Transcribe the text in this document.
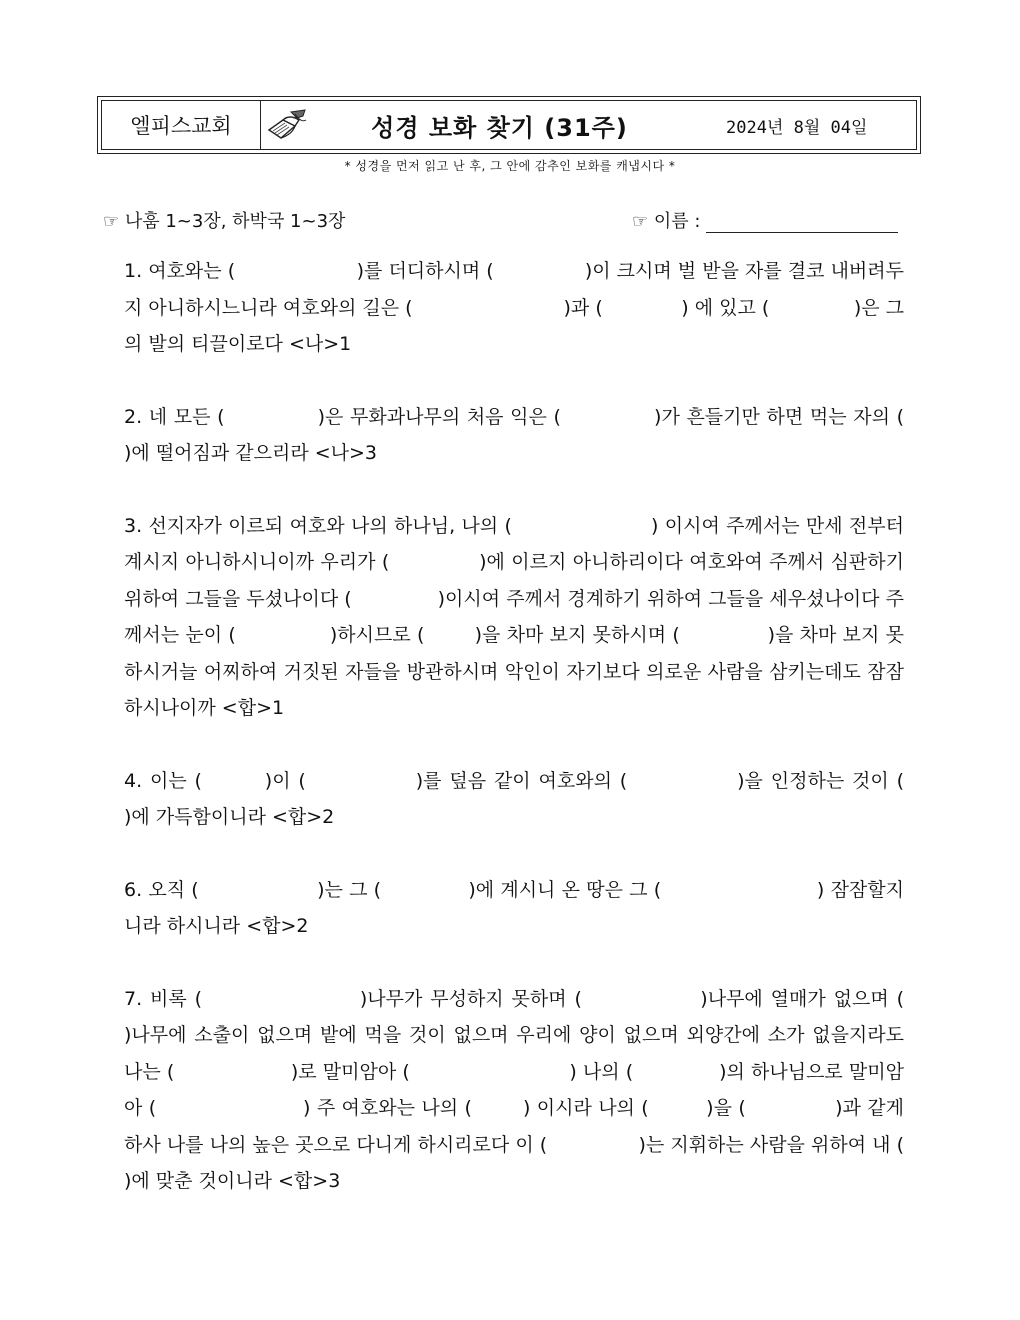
엘피스교회	성경 보화 찾기 (31주)	2024년 8월 04일
* 성경을 먼저 읽고 난 후, 그 안에 감추인 보화를 캐냅시다 *
☞ 나훔 1~3장, 하박국 1~3장	☞ 이름 :

1. 여호와는 (                    )를 더디하시며 (               )이 크시며 벌 받을 자를 결코 내버려두지 아니하시느니라 여호와의 길은 (                         )과 (             ) 에 있고 (              )은 그의 발의 티끌이로다 <나>1

2. 네 모든 (              )은 무화과나무의 처음 익은 (              )가 흔들기만 하면 먹는 자의 (         )에 떨어짐과 같으리라 <나>3

3. 선지자가 이르되 여호와 나의 하나님, 나의 (                      ) 이시여 주께서는 만세 전부터 계시지 아니하시니이까 우리가 (              )에 이르지 아니하리이다 여호와여 주께서 심판하기 위하여 그들을 두셨나이다 (              )이시여 주께서 경계하기 위하여 그들을 세우셨나이다 주께서는 눈이 (               )하시므로 (        )을 차마 보지 못하시며 (              )을 차마 보지 못하시거늘 어찌하여 거짓된 자들을 방관하시며 악인이 자기보다 의로운 사람을 삼키는데도 잠잠하시나이까 <합>1

4. 이는 (        )이 (              )를 덮음 같이 여호와의 (              )을 인정하는 것이 (              )에 가득함이니라 <합>2

6. 오직 (                   )는 그 (              )에 계시니 온 땅은 그 (                         ) 잠잠할지니라 하시니라 <합>2

7. 비록 (                    )나무가 무성하지 못하며 (               )나무에 열매가 없으며 (              )나무에 소출이 없으며 밭에 먹을 것이 없으며 우리에 양이 없으며 외양간에 소가 없을지라도 나는 (                   )로 말미암아 (                          ) 나의 (              )의 하나님으로 말미암아 (                       ) 주 여호와는 나의 (        ) 이시라 나의 (         )을 (              )과 같게 하사 나를 나의 높은 곳으로 다니게 하시리로다 이 (               )는 지휘하는 사람을 위하여 내 (              )에 맞춘 것이니라 <합>3
